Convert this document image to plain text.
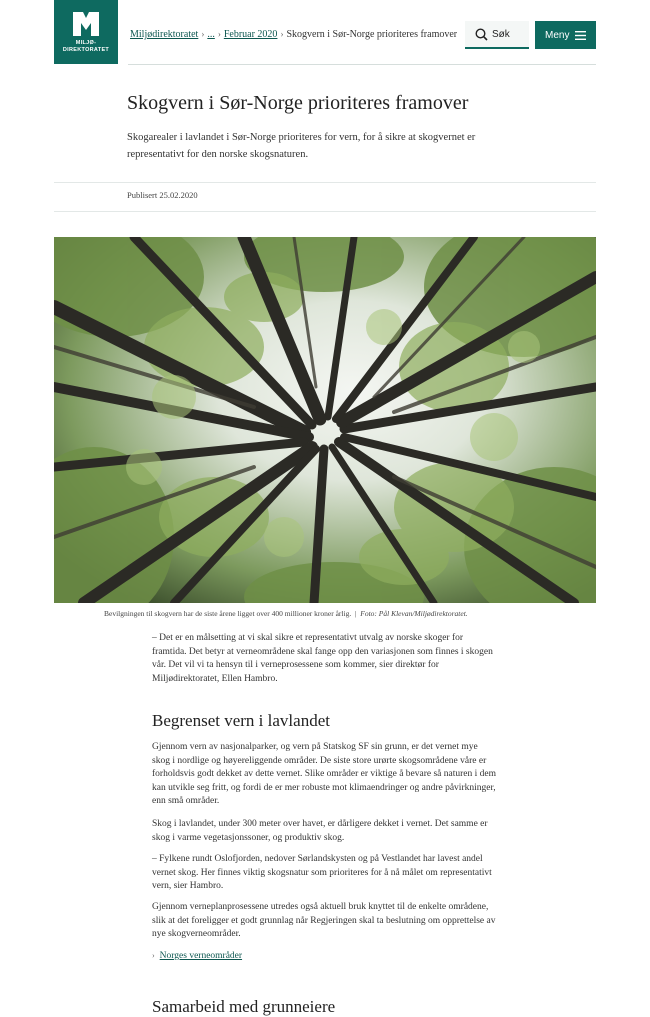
MILJØ-
DIREKTORATET
Miljødirektoratet › ... › Februar 2020 › Skogvern i Sør-Norge prioriteres framover	Søk	Meny
Skogvern i Sør-Norge prioriteres framover

Skogarealer i lavlandet i Sør-Norge prioriteres for vern, for å sikre at skogvernet er representativt for den norske skogsnaturen.

Publisert 25.02.2020
Bevilgningen til skogvern har de siste årene ligget over 400 millioner kroner årlig.  |  Foto: Pål Klevan/Miljødirektoratet.

– Det er en målsetting at vi skal sikre et representativt utvalg av norske skoger for framtida. Det betyr at verneområdene skal fange opp den variasjonen som finnes i skogen vår. Det vil vi ta hensyn til i verneprosessene som kommer, sier direktør for Miljødirektoratet, Ellen Hambro.

Begrenset vern i lavlandet

Gjennom vern av nasjonalparker, og vern på Statskog SF sin grunn, er det vernet mye skog i nordlige og høyereliggende områder. De siste store urørte skogsområdene våre er forholdsvis godt dekket av dette vernet. Slike områder er viktige å bevare så naturen i dem kan utvikle seg fritt, og fordi de er mer robuste mot klimaendringer og andre påvirkninger, enn små områder.

Skog i lavlandet, under 300 meter over havet, er dårligere dekket i vernet. Det samme er skog i varme vegetasjonssoner, og produktiv skog.

– Fylkene rundt Oslofjorden, nedover Sørlandskysten og på Vestlandet har lavest andel vernet skog. Her finnes viktig skogsnatur som prioriteres for å nå målet om representativt vern, sier Hambro.

Gjennom verneplanprosessene utredes også aktuell bruk knyttet til de enkelte områdene, slik at det foreligger et godt grunnlag når Regjeringen skal ta beslutning om opprettelse av nye skogverneområder.

› Norges verneområder
Samarbeid med grunneiere
